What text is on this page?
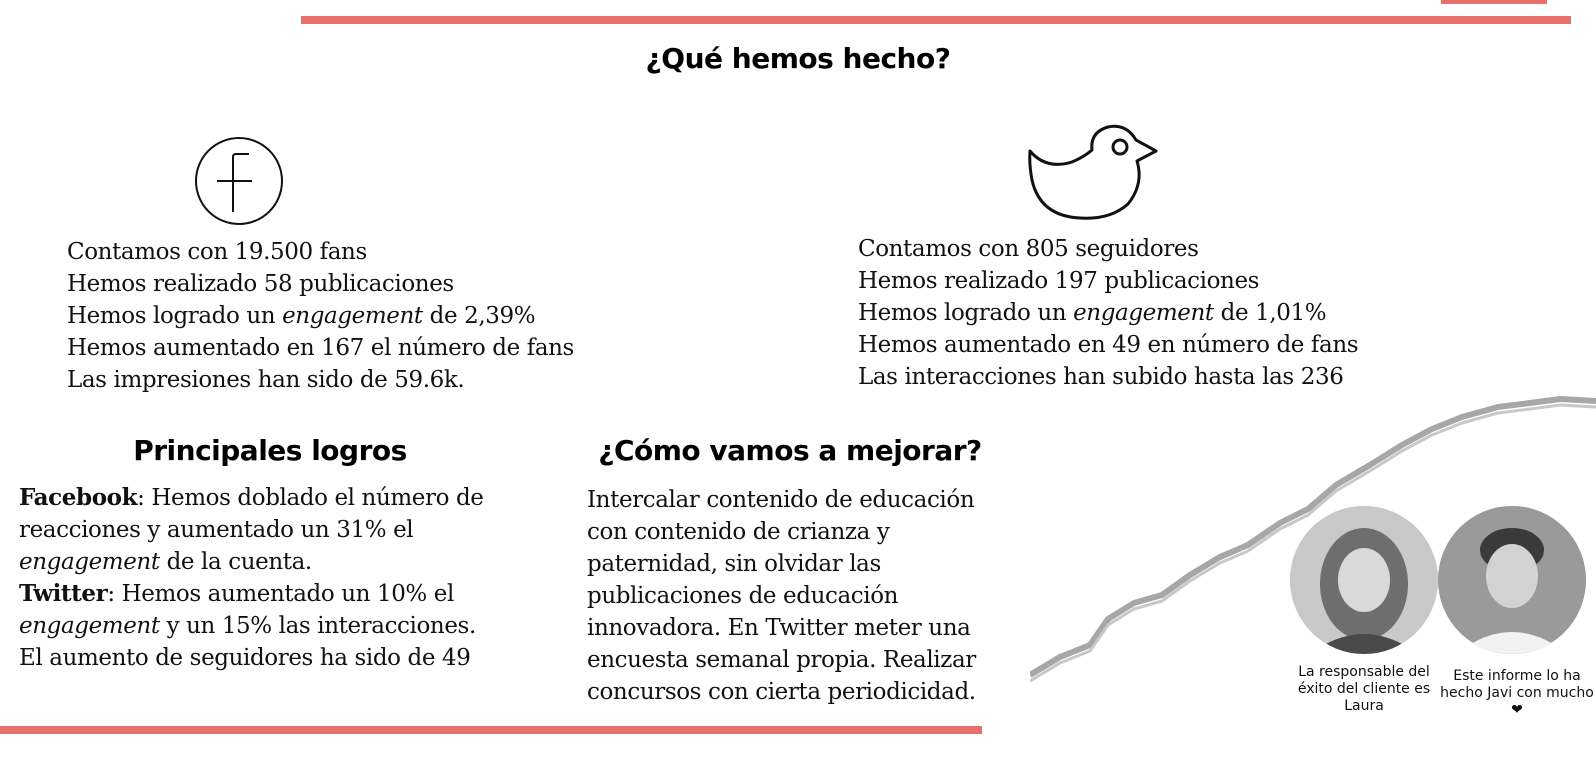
¿Qué hemos hecho?
Contamos con 19.500 fans
Hemos realizado 58 publicaciones
Hemos logrado un engagement de 2,39%
Hemos aumentado en 167 el número de fans
Las impresiones han sido de 59.6k.
Contamos con 805 seguidores
Hemos realizado 197 publicaciones
Hemos logrado un engagement de 1,01%
Hemos aumentado en 49 en número de fans
Las interacciones han subido hasta las 236
Principales logros

Facebook: Hemos doblado el número de reacciones y aumentado un 31% el engagement de la cuenta.
Twitter: Hemos aumentado un 10% el engagement y un 15% las interacciones.
El aumento de seguidores ha sido de 49

¿Cómo vamos a mejorar?

Intercalar contenido de educación con contenido de crianza y paternidad, sin olvidar las publicaciones de educación innovadora. En Twitter meter una encuesta semanal propia. Realizar concursos con cierta periodicidad.

La responsable del éxito del cliente es Laura

Este informe lo ha hecho Javi con mucho ❤
